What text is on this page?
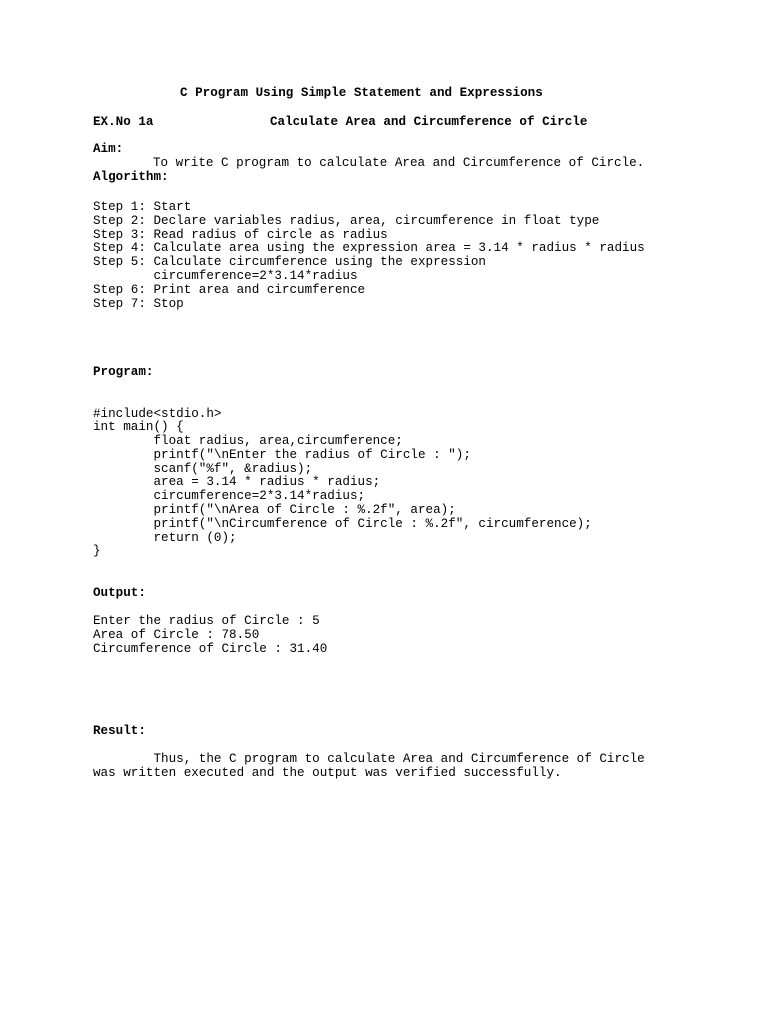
C Program Using Simple Statement and Expressions
EX.No 1a	Calculate Area and Circumference of Circle
Aim:
To write C program to calculate Area and Circumference of Circle.
Algorithm:
Step 1: Start
Step 2: Declare variables radius, area, circumference in float type
Step 3: Read radius of circle as radius
Step 4: Calculate area using the expression area = 3.14 * radius * radius
Step 5: Calculate circumference using the expression
circumference=2*3.14*radius
Step 6: Print area and circumference
Step 7: Stop
Program:
#include<stdio.h>
int main() {
float radius, area,circumference;
printf("\nEnter the radius of Circle : ");
scanf("%f", &radius);
area = 3.14 * radius * radius;
circumference=2*3.14*radius;
printf("\nArea of Circle : %.2f", area);
printf("\nCircumference of Circle : %.2f", circumference);
return (0);
}
Output:
Enter the radius of Circle : 5
Area of Circle : 78.50
Circumference of Circle : 31.40
Result:
Thus, the C program to calculate Area and Circumference of Circle
was written executed and the output was verified successfully.
